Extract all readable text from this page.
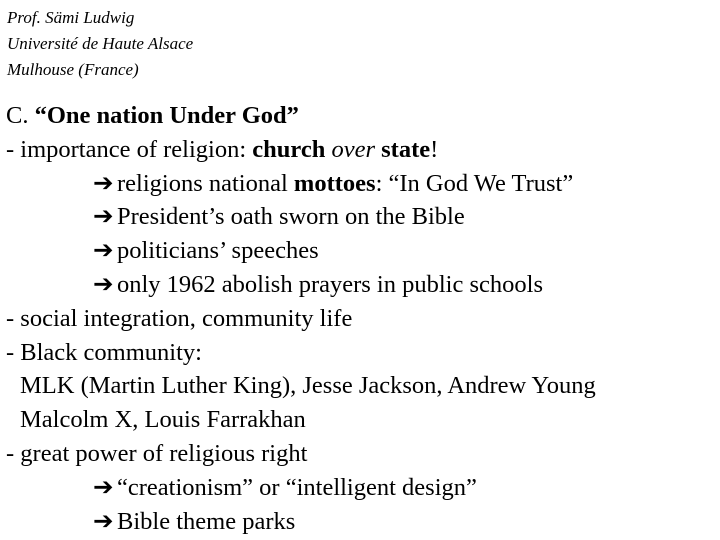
Prof. Sämi Ludwig
Université de Haute Alsace
Mulhouse (France)
C. “One nation Under God”
- importance of religion: church over state!
➔ religions national mottoes: “In God We Trust”
➔ President’s oath sworn on the Bible
➔ politicians’ speeches
➔ only 1962 abolish prayers in public schools
- social integration, community life
- Black community:
MLK (Martin Luther King), Jesse Jackson, Andrew Young
Malcolm X, Louis Farrakhan
- great power of religious right
➔ “creationism” or “intelligent design”
➔ Bible theme parks
